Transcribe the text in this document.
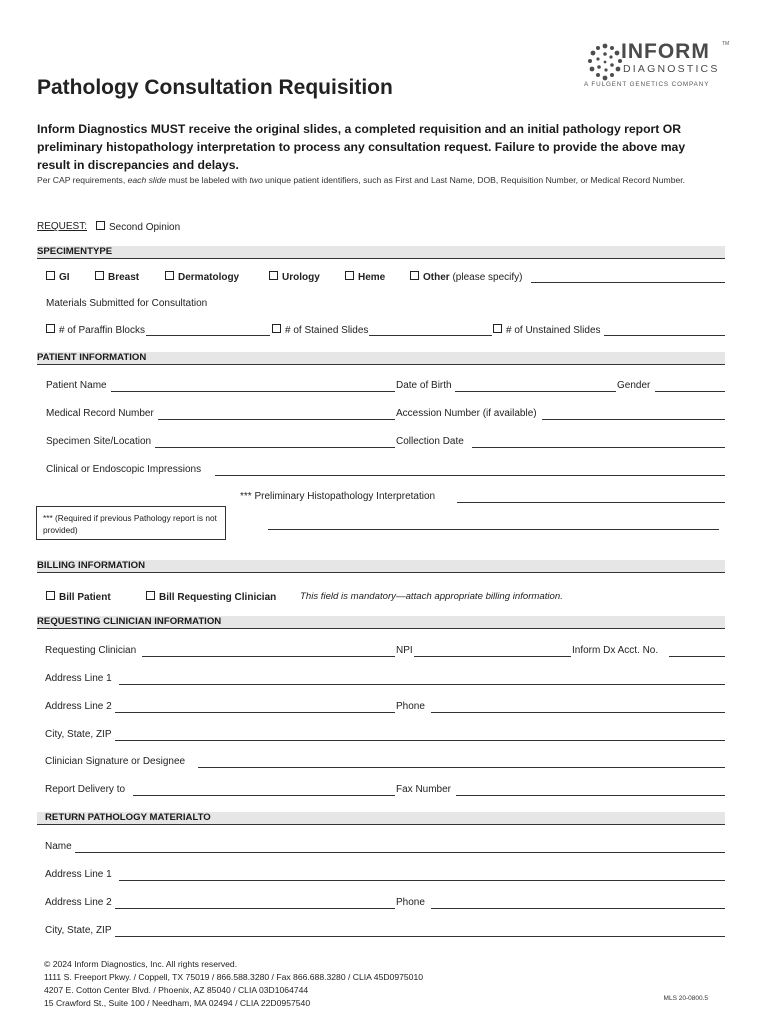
INFORM TM
DIAGNOSTICS
A FULGENT GENETICS COMPANY
Pathology Consultation Requisition
Inform Diagnostics MUST receive the original slides, a completed requisition and an initial pathology report OR preliminary histopathology interpretation to process any consultation request. Failure to provide the above may result in discrepancies and delays.
Per CAP requirements, each slide must be labeled with two unique patient identifiers, such as First and Last Name, DOB, Requisition Number, or Medical Record Number.
REQUEST:	Second Opinion
SPECIMENTYPE
GI	Breast	Dermatology	Urology	Heme	Other (please specify)
Materials Submitted for Consultation
# of Paraffin Blocks	# of Stained Slides	# of Unstained Slides
PATIENT INFORMATION
Patient Name	Date of Birth	Gender
Medical Record Number	Accession Number (if available)
Specimen Site/Location	Collection Date
Clinical or Endoscopic Impressions
*** Preliminary Histopathology Interpretation
*** (Required if previous Pathology report is not provided)
BILLING INFORMATION
Bill Patient	Bill Requesting Clinician This field is mandatory—attach appropriate billing information.
REQUESTING CLINICIAN INFORMATION
Requesting Clinician	NPI	Inform Dx Acct. No.
Address Line 1
Address Line 2	Phone
City, State, ZIP
Clinician Signature or Designee
Report Delivery to	Fax Number
RETURN PATHOLOGY MATERIALTO
Name
Address Line 1
Address Line 2	Phone
City, State, ZIP
© 2024 Inform Diagnostics, Inc. All rights reserved.
1111 S. Freeport Pkwy. / Coppell, TX 75019 / 866.588.3280 / Fax 866.688.3280 / CLIA 45D0975010
4207 E. Cotton Center Blvd. / Phoenix, AZ 85040 / CLIA 03D1064744
15 Crawford St., Suite 100 / Needham, MA 02494 / CLIA 22D0957540	MLS 20-0800.5
